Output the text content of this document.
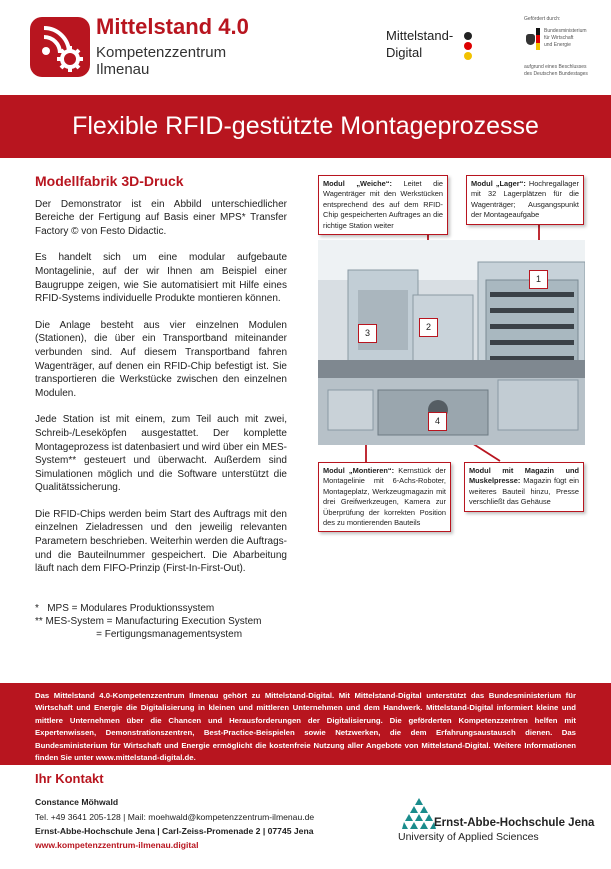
Mittelstand 4.0
Kompetenzzentrum
Ilmenau
Mittelstand-
Digital
Gefördert durch:
Bundesministerium
für Wirtschaft
und Energie
aufgrund eines Beschlusses
des Deutschen Bundestages
Flexible RFID-gestützte Montageprozesse
Modellfabrik 3D-Druck

Der Demonstrator ist ein Abbild unterschiedlicher Bereiche der Fertigung auf Basis einer MPS* Transfer Factory © von Festo Didactic.

Es handelt sich um eine modular aufgebaute Montagelinie, auf der wir Ihnen am Beispiel einer Baugruppe zeigen, wie Sie automatisiert mit Hilfe eines RFID-Systems individuelle Produkte montieren können.

Die Anlage besteht aus vier einzelnen Modulen (Stationen), die über ein Transportband miteinander verbunden sind. Auf diesem Transportband fahren Wagenträger, auf denen ein RFID-Chip befestigt ist. Sie transportieren die Werkstücke zwischen den einzelnen Modulen.

Jede Station ist mit einem, zum Teil auch mit zwei, Schreib-/Leseköpfen ausgestattet. Der komplette Montageprozess ist datenbasiert und wird über ein MES-System** gesteuert und überwacht. Außerdem sind Simulationen möglich und die Software unterstützt die Qualitätssicherung.

Die RFID-Chips werden beim Start des Auftrags mit den einzelnen Zieladressen und den jeweilig relevanten Parametern beschrieben. Weiterhin werden die Auftrags- und die Bauteilnummer gespeichert. Die Abarbeitung läuft nach dem FIFO-Prinzip (First-In-First-Out).

*   MPS = Modulares Produktionssystem
** MES-System = Manufacturing Execution System
= Fertigungsmanagementsystem
1
2
3
4
Modul „Weiche“: Leitet die Wagenträger mit den Werkstücken entsprechend des auf dem RFID-Chip gespeicherten Auftrages an die richtige Station weiter
Modul „Lager“: Hochregallager mit 32 Lagerplätzen für die Wagenträger; Ausgangspunkt der Montageaufgabe
Modul „Montieren“: Kernstück der Montagelinie mit 6-Achs-Roboter, Montageplatz, Werkzeugmagazin mit drei Greifwerkzeugen, Kamera zur Überprüfung der korrekten Position des zu montierenden Bauteils
Modul mit Magazin und Muskelpresse: Magazin fügt ein weiteres Bauteil hinzu, Presse verschließt das Gehäuse
Das Mittelstand 4.0-Kompetenzzentrum Ilmenau gehört zu Mittelstand-Digital. Mit Mittelstand-Digital unterstützt das Bundesministerium für Wirtschaft und Energie die Digitalisierung in kleinen und mittleren Unternehmen und dem Handwerk. Mittelstand-Digital informiert kleine und mittlere Unternehmen über die Chancen und Herausforderungen der Digitalisierung. Die geförderten Kompetenzzentren helfen mit Expertenwissen, Demonstrationszentren, Best-Practice-Beispielen sowie Netzwerken, die dem Erfahrungsaustausch dienen. Das Bundesministerium für Wirtschaft und Energie ermöglicht die kostenfreie Nutzung aller Angebote von Mittelstand-Digital. Weitere Informationen finden Sie unter www.mittelstand-digital.de.
Ihr Kontakt
Constance Möhwald
Tel. +49 3641 205-128 | Mail: moehwald@kompetenzzentrum-ilmenau.de
Ernst-Abbe-Hochschule Jena | Carl-Zeiss-Promenade 2 | 07745 Jena
www.kompetenzzentrum-ilmenau.digital
Ernst-Abbe-Hochschule Jena
University of Applied Sciences
